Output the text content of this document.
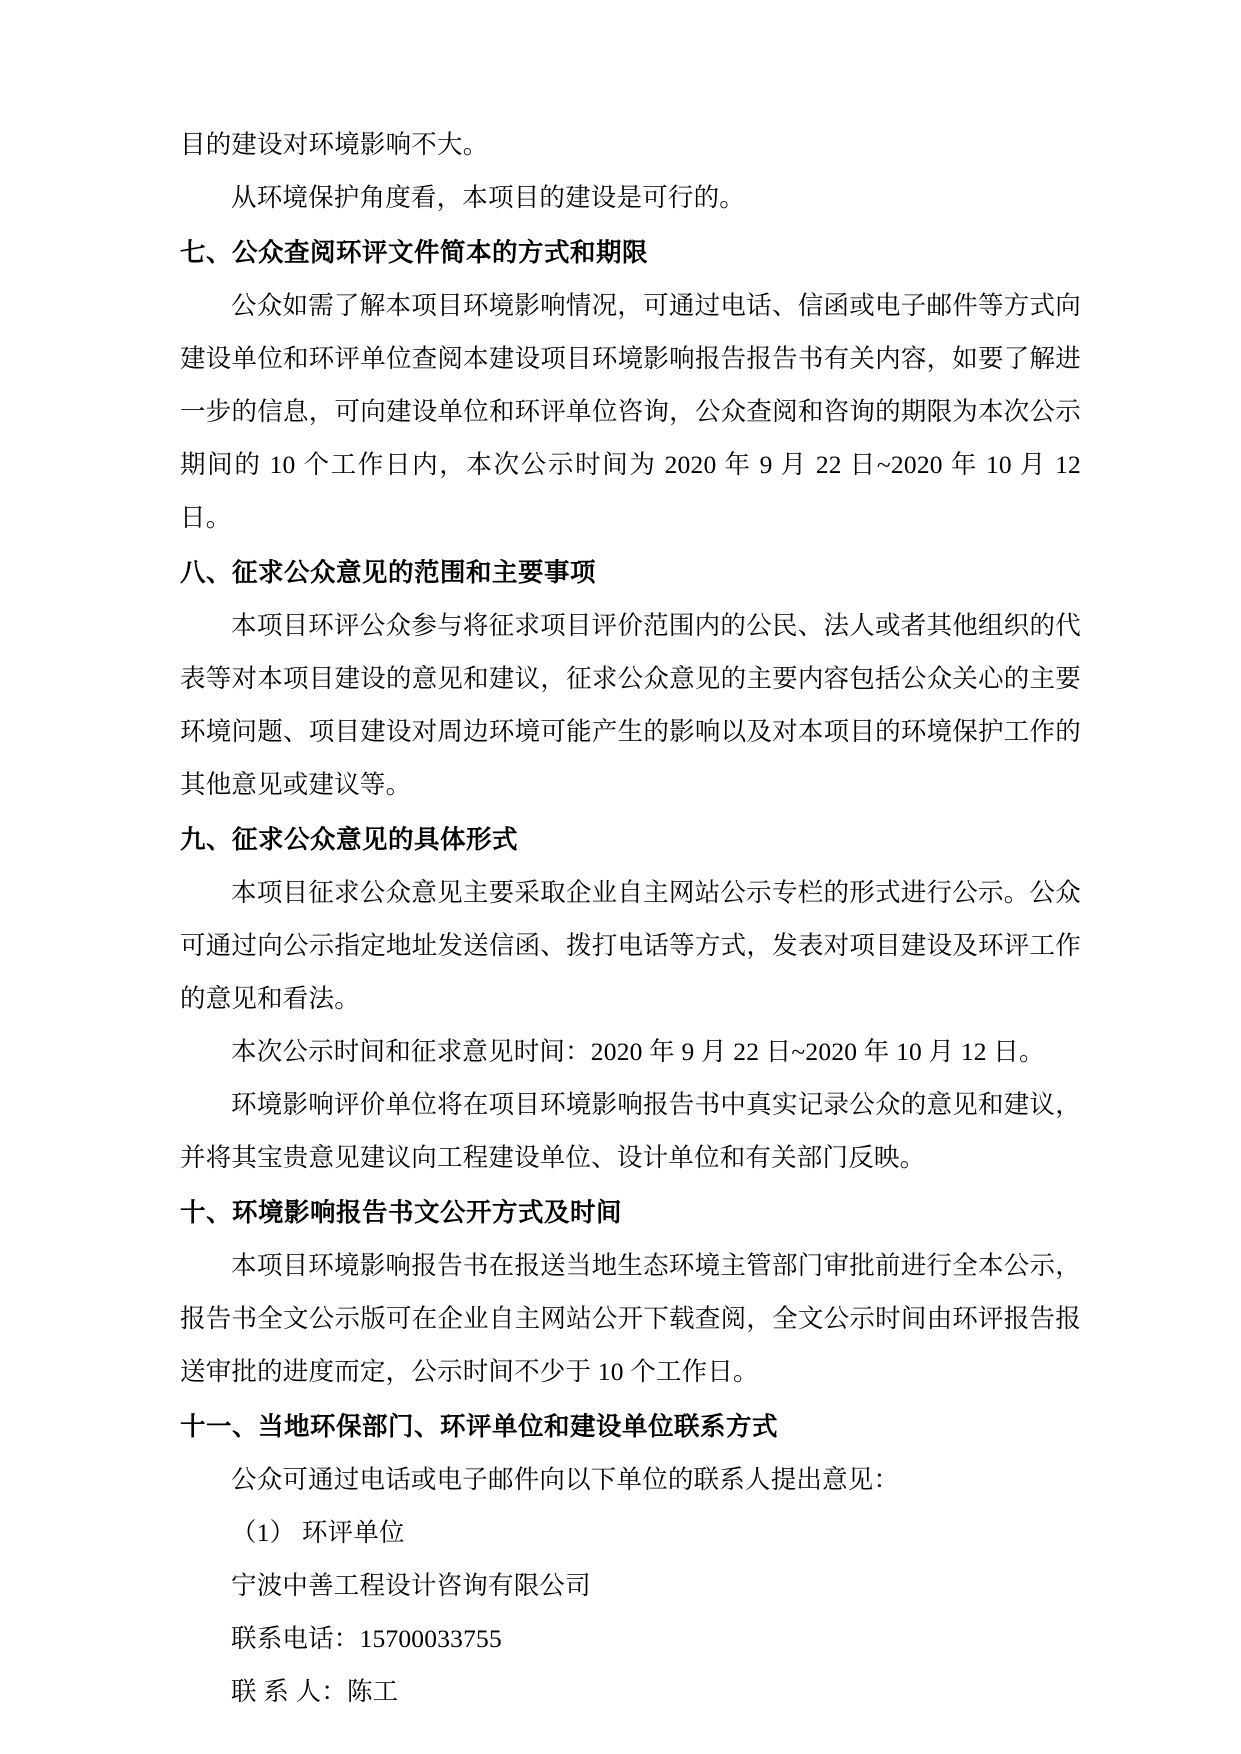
目的建设对环境影响不大。

从环境保护角度看，本项目的建设是可行的。

七、公众查阅环评文件简本的方式和期限

公众如需了解本项目环境影响情况，可通过电话、信函或电子邮件等方式向建设单位和环评单位查阅本建设项目环境影响报告报告书有关内容，如要了解进一步的信息，可向建设单位和环评单位咨询，公众查阅和咨询的期限为本次公示期间的 10 个工作日内，本次公示时间为 2020 年 9 月 22 日~2020 年 10 月 12 日。

八、征求公众意见的范围和主要事项

本项目环评公众参与将征求项目评价范围内的公民、法人或者其他组织的代表等对本项目建设的意见和建议，征求公众意见的主要内容包括公众关心的主要环境问题、项目建设对周边环境可能产生的影响以及对本项目的环境保护工作的其他意见或建议等。

九、征求公众意见的具体形式

本项目征求公众意见主要采取企业自主网站公示专栏的形式进行公示。公众可通过向公示指定地址发送信函、拨打电话等方式，发表对项目建设及环评工作的意见和看法。

本次公示时间和征求意见时间：2020 年 9 月 22 日~2020 年 10 月 12 日。

环境影响评价单位将在项目环境影响报告书中真实记录公众的意见和建议，并将其宝贵意见建议向工程建设单位、设计单位和有关部门反映。

十、环境影响报告书文公开方式及时间

本项目环境影响报告书在报送当地生态环境主管部门审批前进行全本公示，报告书全文公示版可在企业自主网站公开下载查阅，全文公示时间由环评报告报送审批的进度而定，公示时间不少于 10 个工作日。

十一、当地环保部门、环评单位和建设单位联系方式

公众可通过电话或电子邮件向以下单位的联系人提出意见：

（1） 环评单位

宁波中善工程设计咨询有限公司

联系电话：15700033755

联 系 人：陈工
